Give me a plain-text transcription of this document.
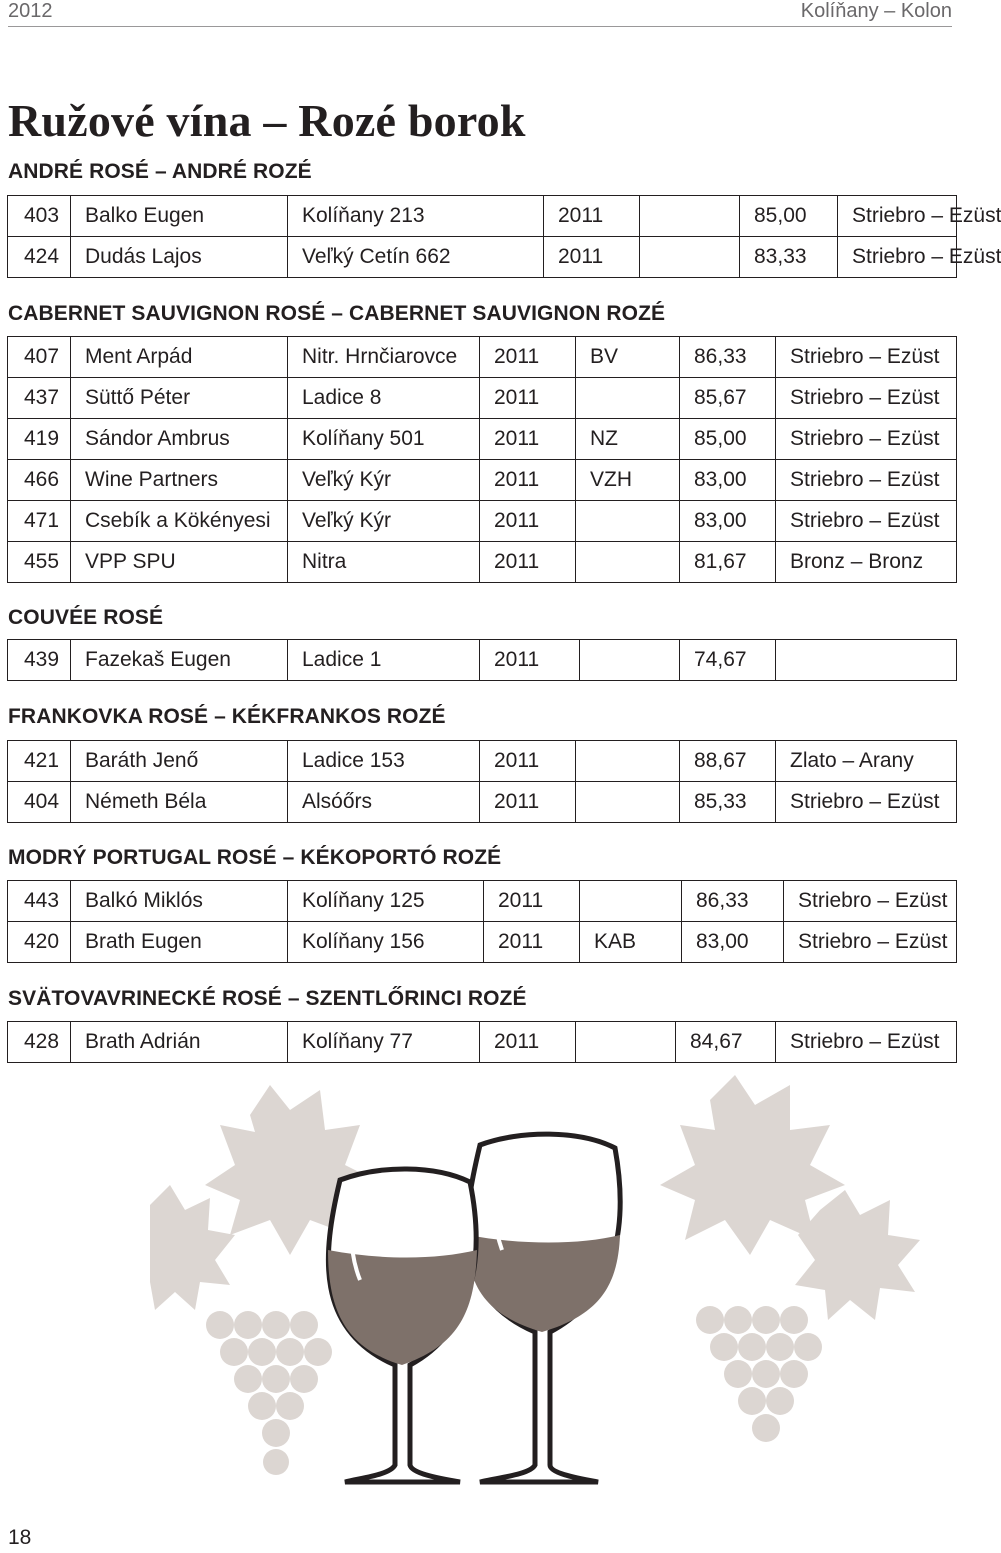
2012	Kolíňany – Kolon
Ružové vína – Rozé borok
ANDRÉ ROSÉ – ANDRÉ ROZÉ
403	Balko Eugen	Kolíňany 213	2011		85,00	Striebro – Ezüst
424	Dudás Lajos	Veľký Cetín 662	2011		83,33	Striebro – Ezüst
CABERNET SAUVIGNON ROSÉ – CABERNET SAUVIGNON ROZÉ
407	Ment Arpád	Nitr. Hrnčiarovce	2011	BV	86,33	Striebro – Ezüst
437	Süttő Péter	Ladice 8	2011		85,67	Striebro – Ezüst
419	Sándor Ambrus	Kolíňany 501	2011	NZ	85,00	Striebro – Ezüst
466	Wine Partners	Veľký Kýr	2011	VZH	83,00	Striebro – Ezüst
471	Csebík a Kökényesi	Veľký Kýr	2011		83,00	Striebro – Ezüst
455	VPP SPU	Nitra	2011		81,67	Bronz – Bronz
COUVÉE ROSÉ
439	Fazekaš Eugen	Ladice 1	2011		74,67	
FRANKOVKA ROSÉ – KÉKFRANKOS ROZÉ
421	Baráth Jenő	Ladice 153	2011		88,67	Zlato – Arany
404	Németh Béla	Alsóőrs	2011		85,33	Striebro – Ezüst
MODRÝ PORTUGAL ROSÉ – KÉKOPORTÓ ROZÉ
443	Balkó Miklós	Kolíňany 125	2011		86,33	Striebro – Ezüst
420	Brath Eugen	Kolíňany 156	2011	KAB	83,00	Striebro – Ezüst
SVÄTOVAVRINECKÉ ROSÉ – SZENTLŐRINCI ROZÉ
428	Brath Adrián	Kolíňany 77	2011		84,67	Striebro – Ezüst
18
